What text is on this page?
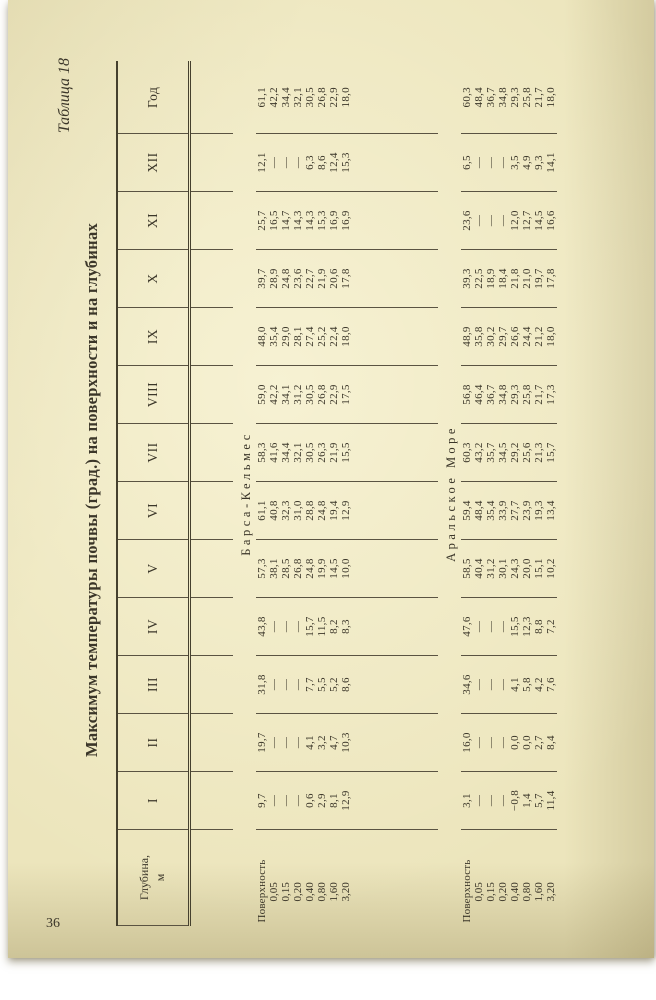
36
Таблица 18
Максимум температуры почвы (град.) на поверхности и на глубинах
Глубина, м	I	II	III	IV	V	VI	VII	VIII	IX	X	XI	XII	Год

Барса-Кельмес													
Поверхность	9,7	19,7	31,8	43,8	57,3	61,1	58,3	59,0	48,0	39,7	25,7	12,1	61,1
0,05	—	—	—	—	38,1	40,8	41,6	42,2	35,4	28,9	16,5	—	42,2
0,15	—	—	—	—	28,5	32,3	34,4	34,1	29,0	24,8	14,7	—	34,4
0,20	—	—	—	—	26,8	31,0	32,1	31,2	28,1	23,6	14,3	—	32,1
0,40	0,6	4,1	7,7	15,7	24,8	28,8	30,5	30,5	27,4	22,7	14,3	6,3	30,5
0,80	2,9	3,2	5,5	11,5	19,9	24,8	26,3	26,8	25,2	21,9	15,3	8,6	26,8
1,60	8,1	4,7	5,2	8,2	14,5	19,4	21,9	22,9	22,4	20,6	16,9	12,4	22,9
3,20	12,9	10,3	8,6	8,3	10,0	12,9	15,5	17,5	18,0	17,8	16,9	15,3	18,0

Аральское Море													
Поверхность	3,1	16,0	34,6	47,6	58,5	59,4	60,3	56,8	48,9	39,3	23,6	6,5	60,3
0,05	—	—	—	—	40,4	48,4	43,2	46,4	35,8	22,5	—	—	48,4
0,15	—	—	—	—	31,2	35,4	35,7	36,7	30,2	18,9	—	—	36,7
0,20	—	—	—	—	30,1	33,9	34,5	34,8	29,7	18,4	—	—	34,8
0,40	−0,8	0,0	4,1	15,5	24,3	27,7	29,2	29,3	26,6	21,8	12,0	3,5	29,3
0,80	1,4	0,0	5,8	12,3	20,0	23,9	25,6	25,8	24,4	21,0	12,7	4,9	25,8
1,60	5,7	2,7	4,2	8,8	15,1	19,3	21,3	21,7	21,2	19,7	14,5	9,3	21,7
3,20	11,4	8,4	7,6	7,2	10,2	13,4	15,7	17,3	18,0	17,8	16,6	14,1	18,0
